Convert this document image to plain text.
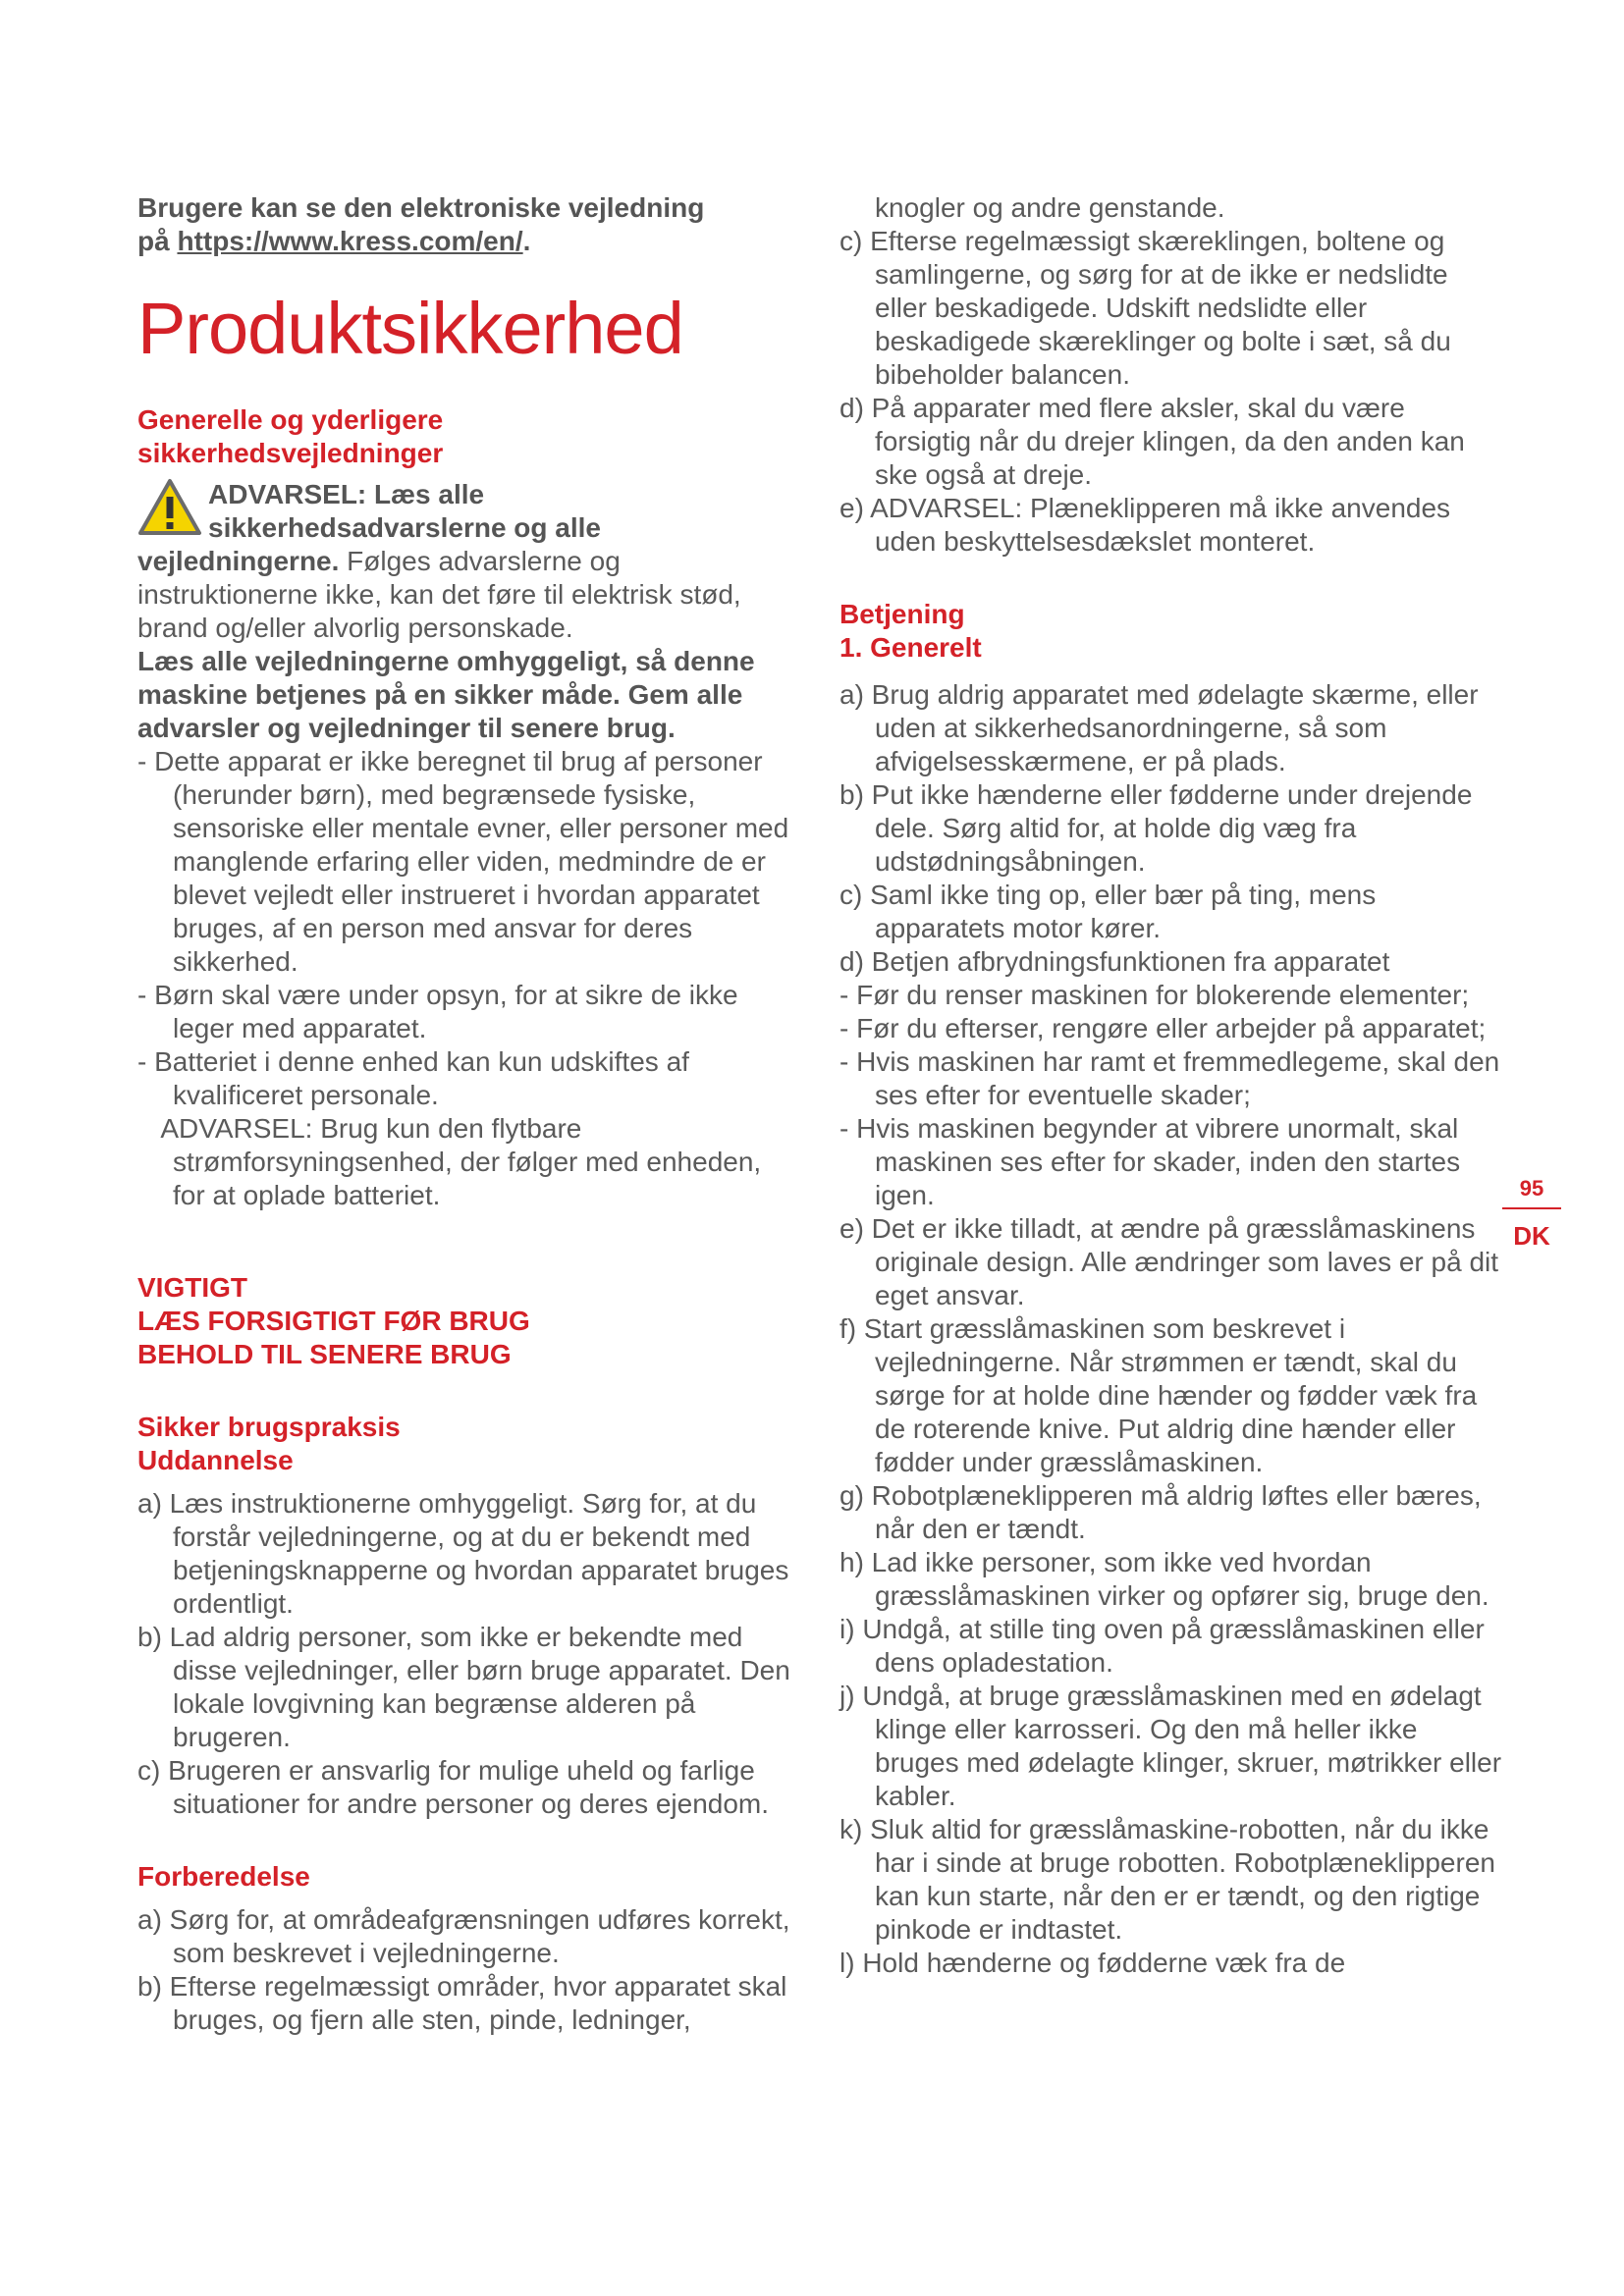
Brugere kan se den elektroniske vejledning
på https://www.kress.com/en/.

Produktsikkerhed

Generelle og yderligere
sikkerhedsvejledninger

ADVARSEL: Læs alle
sikkerhedsadvarslerne og alle

vejledningerne. Følges advarslerne og instruktionerne ikke, kan det føre til elektrisk stød, brand og/eller alvorlig personskade.

Læs alle vejledningerne omhyggeligt, så denne maskine betjenes på en sikker måde. Gem alle advarsler og vejledninger til senere brug.

- Dette apparat er ikke beregnet til brug af personer (herunder børn), med begrænsede fysiske, sensoriske eller mentale evner, eller personer med manglende erfaring eller viden, medmindre de er blevet vejledt eller instrueret i hvordan apparatet bruges, af en person med ansvar for deres sikkerhed.

- Børn skal være under opsyn, for at sikre de ikke leger med apparatet.

- Batteriet i denne enhed kan kun udskiftes af kvalificeret personale.

ADVARSEL: Brug kun den flytbare strømforsyningsenhed, der følger med enheden, for at oplade batteriet.

VIGTIGT
LÆS FORSIGTIGT FØR BRUG
BEHOLD TIL SENERE BRUG

Sikker brugspraksis
Uddannelse

a) Læs instruktionerne omhyggeligt. Sørg for, at du forstår vejledningerne, og at du er bekendt med betjeningsknapperne og hvordan apparatet bruges ordentligt.

b) Lad aldrig personer, som ikke er bekendte med disse vejledninger, eller børn bruge apparatet. Den lokale lovgivning kan begrænse alderen på brugeren.

c) Brugeren er ansvarlig for mulige uheld og farlige situationer for andre personer og deres ejendom.

Forberedelse

a) Sørg for, at områdeafgrænsningen udføres korrekt, som beskrevet i vejledningerne.

b) Efterse regelmæssigt områder, hvor apparatet skal bruges, og fjern alle sten, pinde, ledninger,

knogler og andre genstande.

c) Efterse regelmæssigt skæreklingen, boltene og samlingerne, og sørg for at de ikke er nedslidte eller beskadigede. Udskift nedslidte eller beskadigede skæreklinger og bolte i sæt, så du bibeholder balancen.

d) På apparater med flere aksler, skal du være forsigtig når du drejer klingen, da den anden kan ske også at dreje.

e) ADVARSEL: Plæneklipperen må ikke anvendes uden beskyttelsesdækslet monteret.

Betjening
1. Generelt

a) Brug aldrig apparatet med ødelagte skærme, eller uden at sikkerhedsanordningerne, så som afvigelsesskærmene, er på plads.

b) Put ikke hænderne eller fødderne under drejende dele. Sørg altid for, at holde dig væg fra udstødningsåbningen.

c) Saml ikke ting op, eller bær på ting, mens apparatets motor kører.

d) Betjen afbrydningsfunktionen fra apparatet

- Før du renser maskinen for blokerende elementer;

- Før du efterser, rengøre eller arbejder på apparatet;

- Hvis maskinen har ramt et fremmedlegeme, skal den ses efter for eventuelle skader;

- Hvis maskinen begynder at vibrere unormalt, skal maskinen ses efter for skader, inden den startes igen.

e) Det er ikke tilladt, at ændre på græsslåmaskinens originale design. Alle ændringer som laves er på dit eget ansvar.

f) Start græsslåmaskinen som beskrevet i vejledningerne. Når strømmen er tændt, skal du sørge for at holde dine hænder og fødder væk fra de roterende knive. Put aldrig dine hænder eller fødder under græsslåmaskinen.

g) Robotplæneklipperen må aldrig løftes eller bæres, når den er tændt.

h) Lad ikke personer, som ikke ved hvordan græsslåmaskinen virker og opfører sig, bruge den.

i) Undgå, at stille ting oven på græsslåmaskinen eller dens opladestation.

j) Undgå, at bruge græsslåmaskinen med en ødelagt klinge eller karrosseri. Og den må heller ikke bruges med ødelagte klinger, skruer, møtrikker eller kabler.

k) Sluk altid for græsslåmaskine-robotten, når du ikke har i sinde at bruge robotten. Robotplæneklipperen kan kun starte, når den er er tændt, og den rigtige pinkode er indtastet.

l) Hold hænderne og fødderne væk fra de

95
DK
